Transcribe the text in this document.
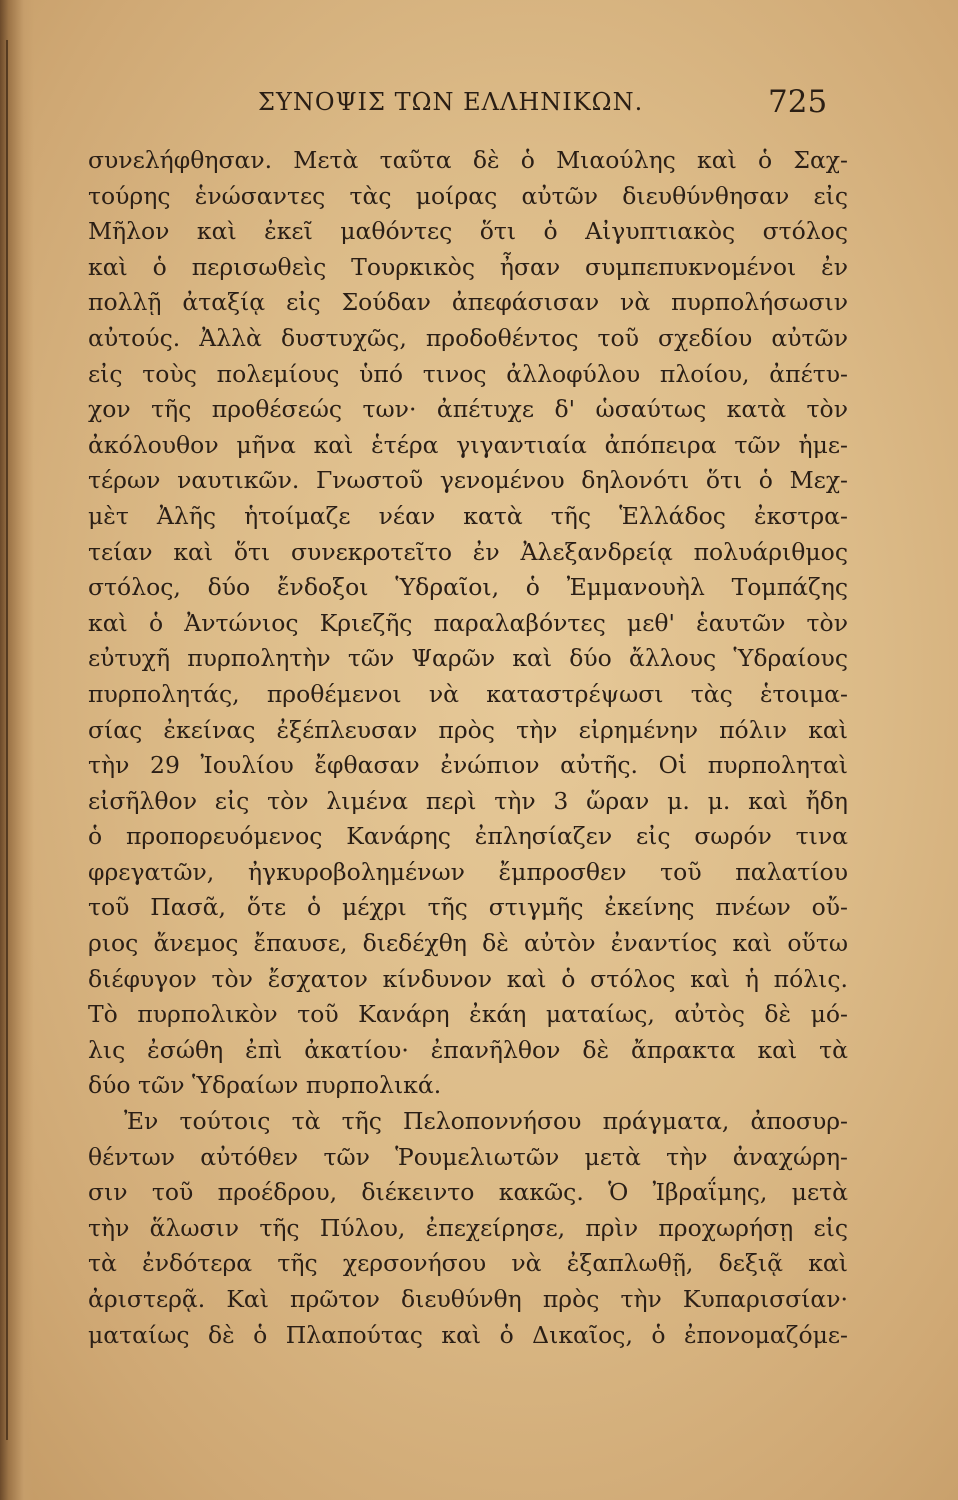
ΣΥΝΟΨΙΣ ΤΩΝ ΕΛΛΗΝΙΚΩΝ.	725
συνελήφθησαν. Μετὰ ταῦτα δὲ ὁ Μιαούλης καὶ ὁ Σαχ-
τούρης ἑνώσαντες τὰς μοίρας αὐτῶν διευθύνθησαν εἰς
Μῆλον καὶ ἐκεῖ μαθόντες ὅτι ὁ Αἰγυπτιακὸς στόλος
καὶ ὁ περισωθεὶς Τουρκικὸς ἦσαν συμπεπυκνομένοι ἐν
πολλῇ ἀταξίᾳ εἰς Σούδαν ἀπεφάσισαν νὰ πυρπολήσωσιν
αὐτούς. Ἀλλὰ δυστυχῶς, προδοθέντος τοῦ σχεδίου αὐτῶν
εἰς τοὺς πολεμίους ὑπό τινος ἀλλοφύλου πλοίου, ἀπέτυ-
χον τῆς προθέσεώς των· ἀπέτυχε δ' ὡσαύτως κατὰ τὸν
ἀκόλουθον μῆνα καὶ ἑτέρα γιγαντιαία ἀπόπειρα τῶν ἡμε-
τέρων ναυτικῶν. Γνωστοῦ γενομένου δηλονότι ὅτι ὁ Μεχ-
μὲτ Ἀλῆς ἡτοίμαζε νέαν κατὰ τῆς Ἑλλάδος ἐκστρα-
τείαν καὶ ὅτι συνεκροτεῖτο ἐν Ἀλεξανδρείᾳ πολυάριθμος
στόλος, δύο ἔνδοξοι Ὑδραῖοι, ὁ Ἐμμανουὴλ Τομπάζης
καὶ ὁ Ἀντώνιος Κριεζῆς παραλαβόντες μεθ' ἑαυτῶν τὸν
εὐτυχῆ πυρπολητὴν τῶν Ψαρῶν καὶ δύο ἄλλους Ὑδραίους
πυρπολητάς, προθέμενοι νὰ καταστρέψωσι τὰς ἑτοιμα-
σίας ἐκείνας ἐξέπλευσαν πρὸς τὴν εἰρημένην πόλιν καὶ
τὴν 29 Ἰουλίου ἔφθασαν ἐνώπιον αὐτῆς. Οἱ πυρποληταὶ
εἰσῆλθον εἰς τὸν λιμένα περὶ τὴν 3 ὥραν μ. μ. καὶ ἤδη
ὁ προπορευόμενος Κανάρης ἐπλησίαζεν εἰς σωρόν τινα
φρεγατῶν, ἠγκυροβολημένων ἔμπροσθεν τοῦ παλατίου
τοῦ Πασᾶ, ὅτε ὁ μέχρι τῆς στιγμῆς ἐκείνης πνέων οὔ-
ριος ἄνεμος ἔπαυσε, διεδέχθη δὲ αὐτὸν ἐναντίος καὶ οὕτω
διέφυγον τὸν ἔσχατον κίνδυνον καὶ ὁ στόλος καὶ ἡ πόλις.
Τὸ πυρπολικὸν τοῦ Κανάρη ἐκάη ματαίως, αὐτὸς δὲ μό-
λις ἐσώθη ἐπὶ ἀκατίου· ἐπανῆλθον δὲ ἄπρακτα καὶ τὰ
δύο τῶν Ὑδραίων πυρπολικά.
Ἐν τούτοις τὰ τῆς Πελοποννήσου πράγματα, ἀποσυρ-
θέντων αὐτόθεν τῶν Ῥουμελιωτῶν μετὰ τὴν ἀναχώρη-
σιν τοῦ προέδρου, διέκειντο κακῶς. Ὁ Ἰβραΐμης, μετὰ
τὴν ἅλωσιν τῆς Πύλου, ἐπεχείρησε, πρὶν προχωρήσῃ εἰς
τὰ ἐνδότερα τῆς χερσονήσου νὰ ἐξαπλωθῇ, δεξιᾷ καὶ
ἀριστερᾷ. Καὶ πρῶτον διευθύνθη πρὸς τὴν Κυπαρισσίαν·
ματαίως δὲ ὁ Πλαπούτας καὶ ὁ Δικαῖος, ὁ ἐπονομαζόμε-
